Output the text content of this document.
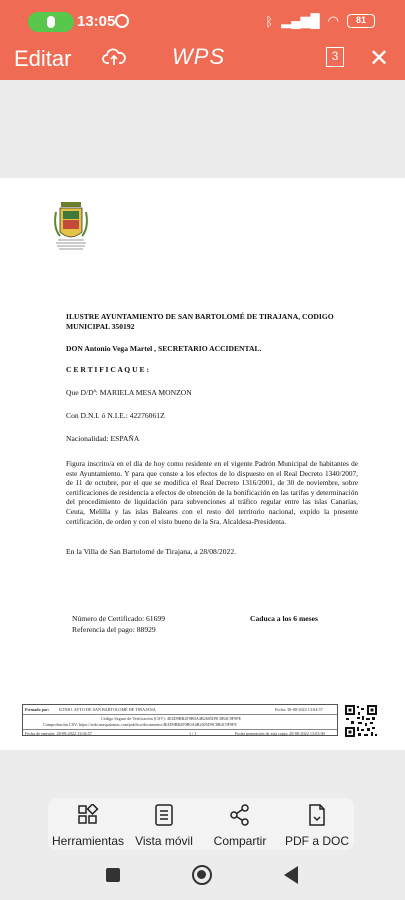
13:05	ᛒ ▂▄▆█ ◠	81
Editar	WPS	3 ✕
ILUSTRE AYUNTAMIENTO DE SAN BARTOLOMÉ DE TIRAJANA, CODIGO MUNICIPAL 350192
DON Antonio Vega Martel , SECRETARIO ACCIDENTAL.
C E R T I F I C A Q U E :
Que D/Dª: MARIELA MESA MONZON
Con D.N.I. ó N.I.E.: 42276061Z
Nacionalidad: ESPAÑA
Figura inscrito/a en el día de hoy como residente en el vigente Padrón Municipal de habitantes de este Ayuntamiento. Y para que conste a los efectos de lo dispuesto en el Real Decreto 1340/2007, de 11 de octubre, por el que se modifica el Real Decreto 1316/2001, de 30 de noviembre, sobre certificaciones de residencia a efectos de obtención de la bonificación en las tarifas y determinación del procedimiento de liquidación para subvenciones al tráfico regular entre las islas Canarias, Ceuta, Melilla y las islas Baleares con el resto del territorio nacional, expido la presente certificación, de orden y con el visto bueno de la Sra. Alcaldesa-Presidenta.
En la Villa de San Bartolomé de Tirajana, a 28/08/2022.
Número de Certificado: 61699	Caduca a los 6 meses
Referencia del pago: 88929
Firmado por: ILTMO. AYTO DE SAN BARTOLOMÉ DE TIRAJANA	Fecha: 28-08-2022 13:04:57
Código Seguro de Verificación (CSV): 4E4D9BB2F0B0A4B2605D9C8B4C9F9FE
Comprobación CSV: https://sede.maspalomas.com/publico/documento/4E4D9BB2F0B0A4B2605D9C8B4C9F9FE
Fecha de emisión: 28-08-2022 13:04:57	1 / 1	Fecha generación de esta copia: 28-08-2022 13:05:00
Herramientas Vista móvil	Compartir	PDF a DOC
